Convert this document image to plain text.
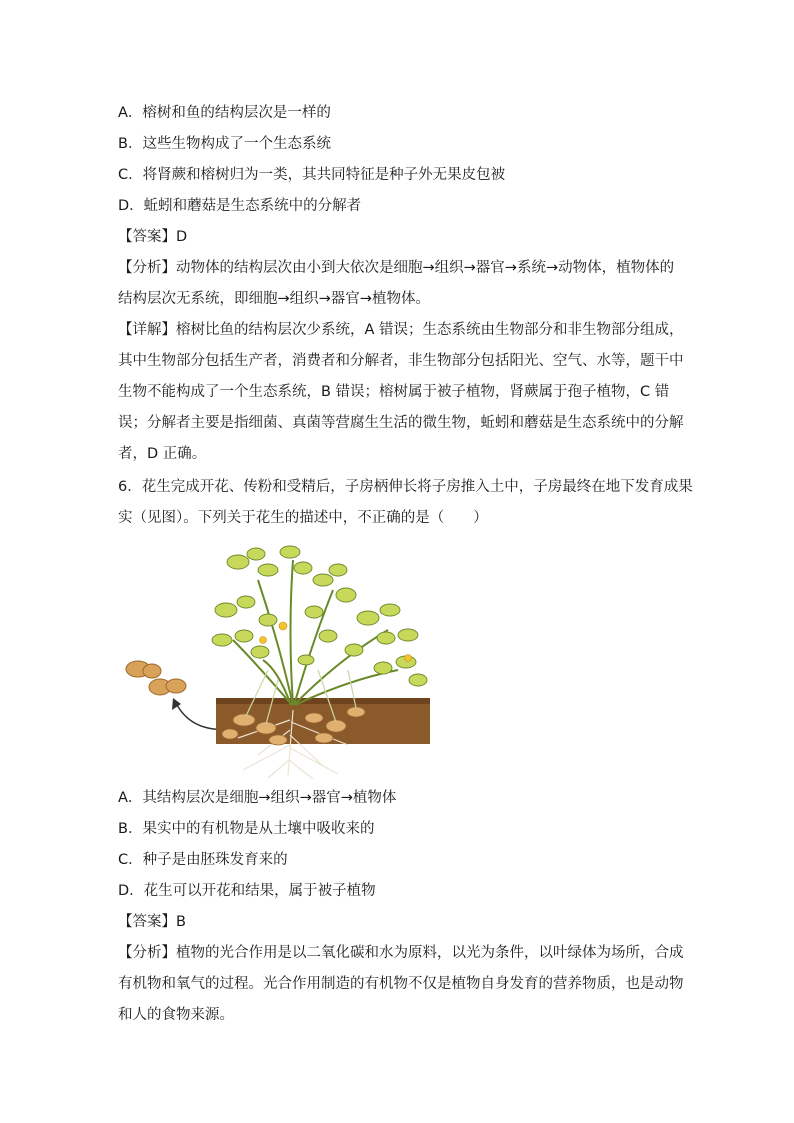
A．榕树和鱼的结构层次是一样的
B．这些生物构成了一个生态系统
C．将肾蕨和榕树归为一类，其共同特征是种子外无果皮包被
D．蚯蚓和蘑菇是生态系统中的分解者
【答案】D
【分析】动物体的结构层次由小到大依次是细胞→组织→器官→系统→动物体，植物体的
结构层次无系统，即细胞→组织→器官→植物体。
【详解】榕树比鱼的结构层次少系统，A 错误；生态系统由生物部分和非生物部分组成，
其中生物部分包括生产者，消费者和分解者，非生物部分包括阳光、空气、水等，题干中
生物不能构成了一个生态系统，B 错误；榕树属于被子植物，肾蕨属于孢子植物，C 错
误；分解者主要是指细菌、真菌等营腐生生活的微生物，蚯蚓和蘑菇是生态系统中的分解
者，D 正确。
6．花生完成开花、传粉和受精后，子房柄伸长将子房推入土中，子房最终在地下发育成果
实（见图）。下列关于花生的描述中，不正确的是（　　）
A．其结构层次是细胞→组织→器官→植物体
B．果实中的有机物是从土壤中吸收来的
C．种子是由胚珠发育来的
D．花生可以开花和结果，属于被子植物
【答案】B
【分析】植物的光合作用是以二氧化碳和水为原料，以光为条件，以叶绿体为场所，合成
有机物和氧气的过程。光合作用制造的有机物不仅是植物自身发育的营养物质，也是动物
和人的食物来源。
